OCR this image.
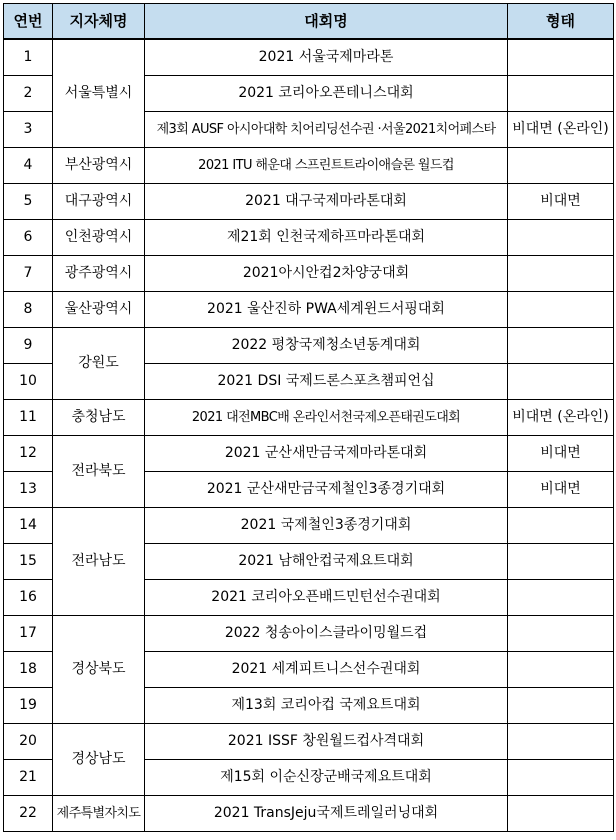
연번	지자체명	대회명	형태
1	서울특별시	2021 서울국제마라톤	
2		2021 코리아오픈테니스대회	
3		제3회 AUSF 아시아대학 치어리딩선수권 ·서울2021치어페스타	비대면 (온라인)
4	부산광역시	2021 ITU 해운대 스프린트트라이애슬론 월드컵	
5	대구광역시	2021 대구국제마라톤대회	비대면
6	인천광역시	제21회 인천국제하프마라톤대회	
7	광주광역시	2021아시안컵2차양궁대회	
8	울산광역시	2021 울산진하 PWA세계윈드서핑대회	
9	강원도	2022 평창국제청소년동계대회	
10		2021 DSI 국제드론스포츠챔피언십	
11	충청남도	2021 대전MBC배 온라인서천국제오픈태권도대회	비대면 (온라인)
12	전라북도	2021 군산새만금국제마라톤대회	비대면
13		2021 군산새만금국제철인3종경기대회	비대면
14	전라남도	2021 국제철인3종경기대회	
15		2021 남해안컵국제요트대회	
16		2021 코리아오픈배드민턴선수권대회	
17	경상북도	2022 청송아이스클라이밍월드컵	
18		2021 세계피트니스선수권대회	
19		제13회 코리아컵 국제요트대회	
20	경상남도	2021 ISSF 창원월드컵사격대회	
21		제15회 이순신장군배국제요트대회	
22	제주특별자치도	2021 TransJeju국제트레일러닝대회	
